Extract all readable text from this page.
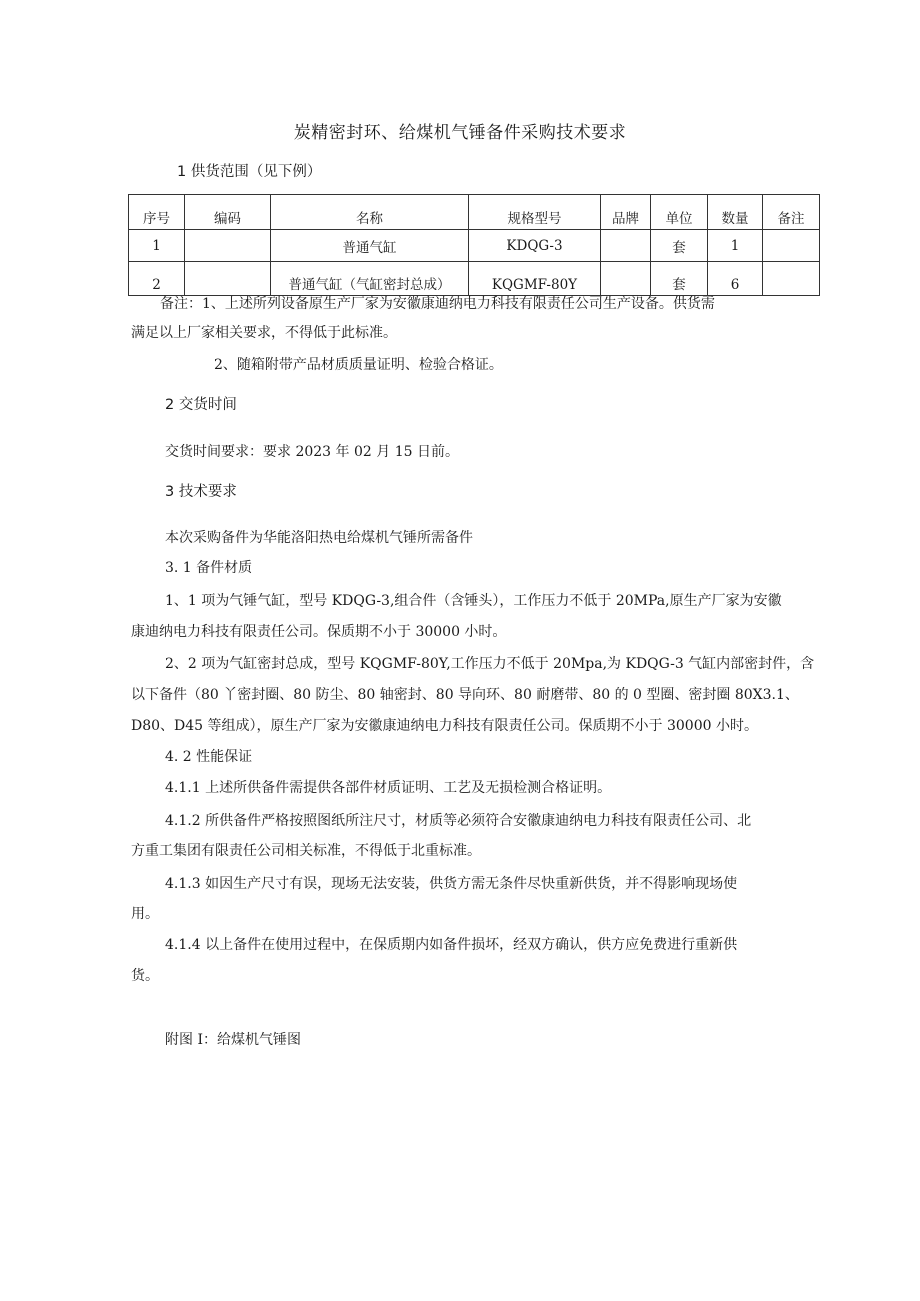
炭精密封环、给煤机气锤备件采购技术要求
1 供货范围（见下例）
序号	编码	名称	规格型号	品牌	单位	数量	备注
1		普通气缸	KDQG-3		套	1	
2		普通气缸（气缸密封总成）	KQGMF-80Y		套	6	
备注：1、上述所列设备原生产厂家为安徽康迪纳电力科技有限责任公司生产设备。供货需
满足以上厂家相关要求，不得低于此标准。
2、随箱附带产品材质质量证明、检验合格证。
2 交货时间
交货时间要求：要求 2023 年 02 月 15 日前。
3 技术要求
本次采购备件为华能洛阳热电给煤机气锤所需备件
3. 1 备件材质
1、1 项为气锤气缸，型号 KDQG-3,组合件（含锤头），工作压力不低于 20MPa,原生产厂家为安徽
康迪纳电力科技有限责任公司。保质期不小于 30000 小时。
2、2 项为气缸密封总成，型号 KQGMF-80Y,工作压力不低于 20Mpa,为 KDQG-3 气缸内部密封件，含
以下备件（80 丫密封圈、80 防尘、80 轴密封、80 导向环、80 耐磨带、80 的 0 型圈、密封圈 80X3.1、
D80、D45 等组成），原生产厂家为安徽康迪纳电力科技有限责任公司。保质期不小于 30000 小时。
4. 2 性能保证
4.1.1 上述所供备件需提供各部件材质证明、工艺及无损检测合格证明。
4.1.2 所供备件严格按照图纸所注尺寸，材质等必须符合安徽康迪纳电力科技有限责任公司、北
方重工集团有限责任公司相关标准，不得低于北重标准。
4.1.3 如因生产尺寸有误，现场无法安装，供货方需无条件尽快重新供货，并不得影响现场使
用。
4.1.4 以上备件在使用过程中，在保质期内如备件损坏，经双方确认，供方应免费进行重新供
货。
附图 I：给煤机气锤图
